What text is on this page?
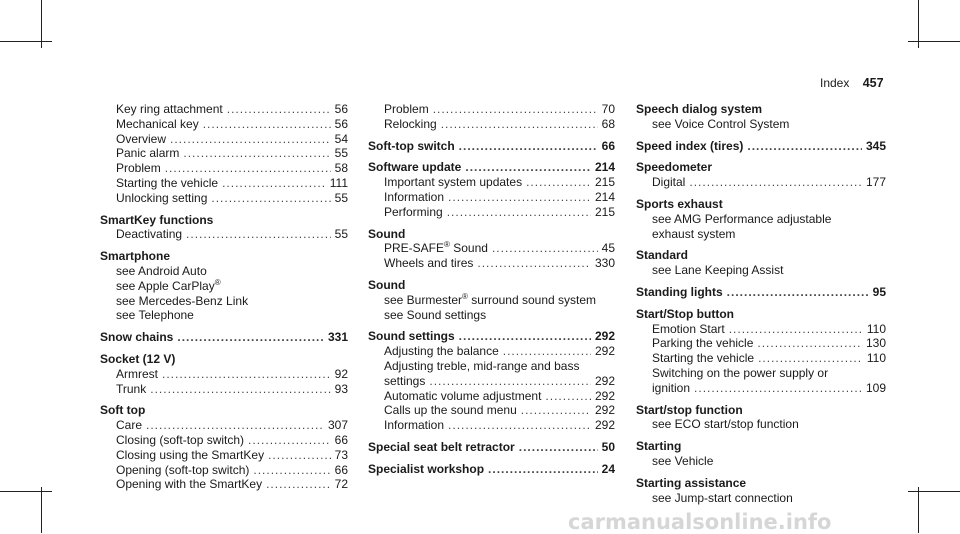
Index 457
Key ring attachment .....	56
Mechanical key .....	56
Overview .....	54
Panic alarm .....	55
Problem .....	58
Starting the vehicle .....	111
Unlocking setting .....	55
SmartKey functions
Deactivating .....	55
Smartphone
see Android Auto
see Apple CarPlay®
see Mercedes-Benz Link
see Telephone
Snow chains .....	331
Socket (12 V)
Armrest .....	92
Trunk .....	93
Soft top
Care .....	307
Closing (soft-top switch) .....	66
Closing using the SmartKey .....	73
Opening (soft-top switch) .....	66
Opening with the SmartKey .....	72
Problem .....	70
Relocking .....	68
Soft-top switch .....	66
Software update .....	214
Important system updates .....	215
Information .....	214
Performing .....	215
Sound
PRE-SAFE® Sound .....	45
Wheels and tires .....	330
Sound
see Burmester® surround sound system
see Sound settings
Sound settings .....	292
Adjusting the balance .....	292
Adjusting treble, mid-range and bass
settings .....	292
Automatic volume adjustment .....	292
Calls up the sound menu .....	292
Information .....	292
Special seat belt retractor .....	50
Specialist workshop .....	24
Speech dialog system
see Voice Control System
Speed index (tires) .....	345
Speedometer
Digital .....	177
Sports exhaust
see AMG Performance adjustable
exhaust system
Standard
see Lane Keeping Assist
Standing lights .....	95
Start/Stop button
Emotion Start .....	110
Parking the vehicle .....	130
Starting the vehicle .....	110
Switching on the power supply or
ignition .....	109
Start/stop function
see ECO start/stop function
Starting
see Vehicle
Starting assistance
see Jump-start connection
carmanualsonline.info
